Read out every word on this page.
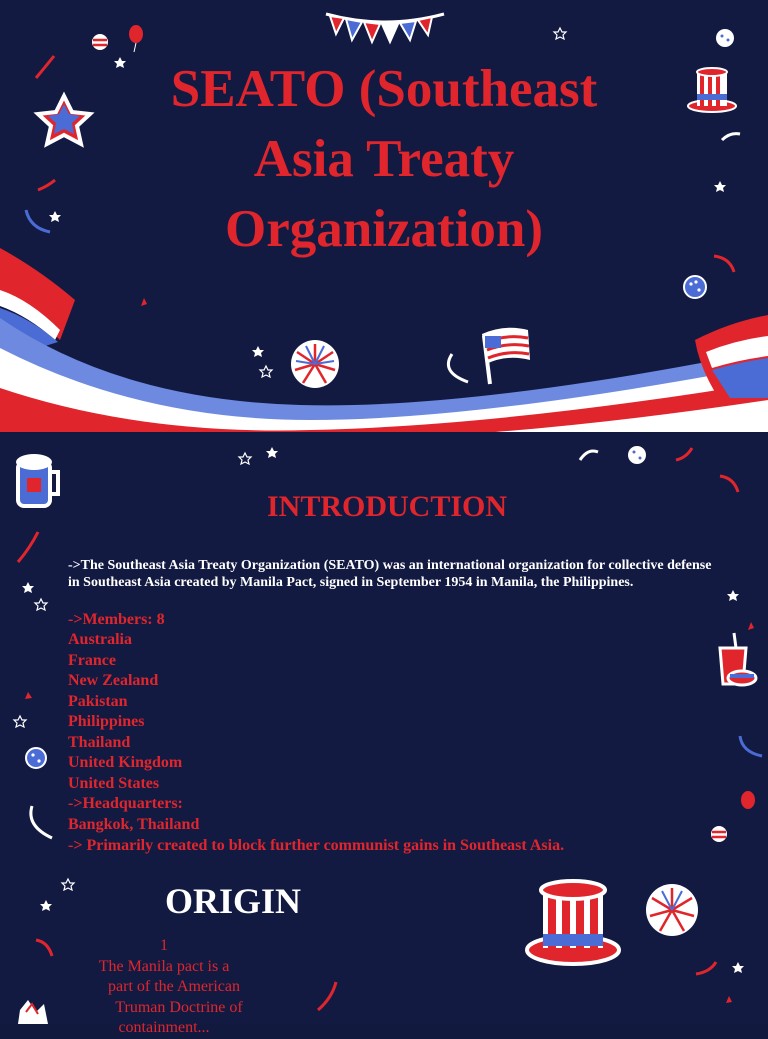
SEATO (Southeast
Asia Treaty
Organization)
INTRODUCTION

->The Southeast Asia Treaty Organization (SEATO) was an international organization for collective defense in Southeast Asia created by Manila Pact, signed in September 1954 in Manila, the Philippines.

->Members: 8
Australia
France
New Zealand
Pakistan
Philippines
Thailand
United Kingdom
United States
->Headquarters:
Bangkok, Thailand
-> Primarily created to block further communist gains in Southeast Asia.
ORIGIN
1
The Manila pact is a
part of the American
Truman Doctrine of
containment...
